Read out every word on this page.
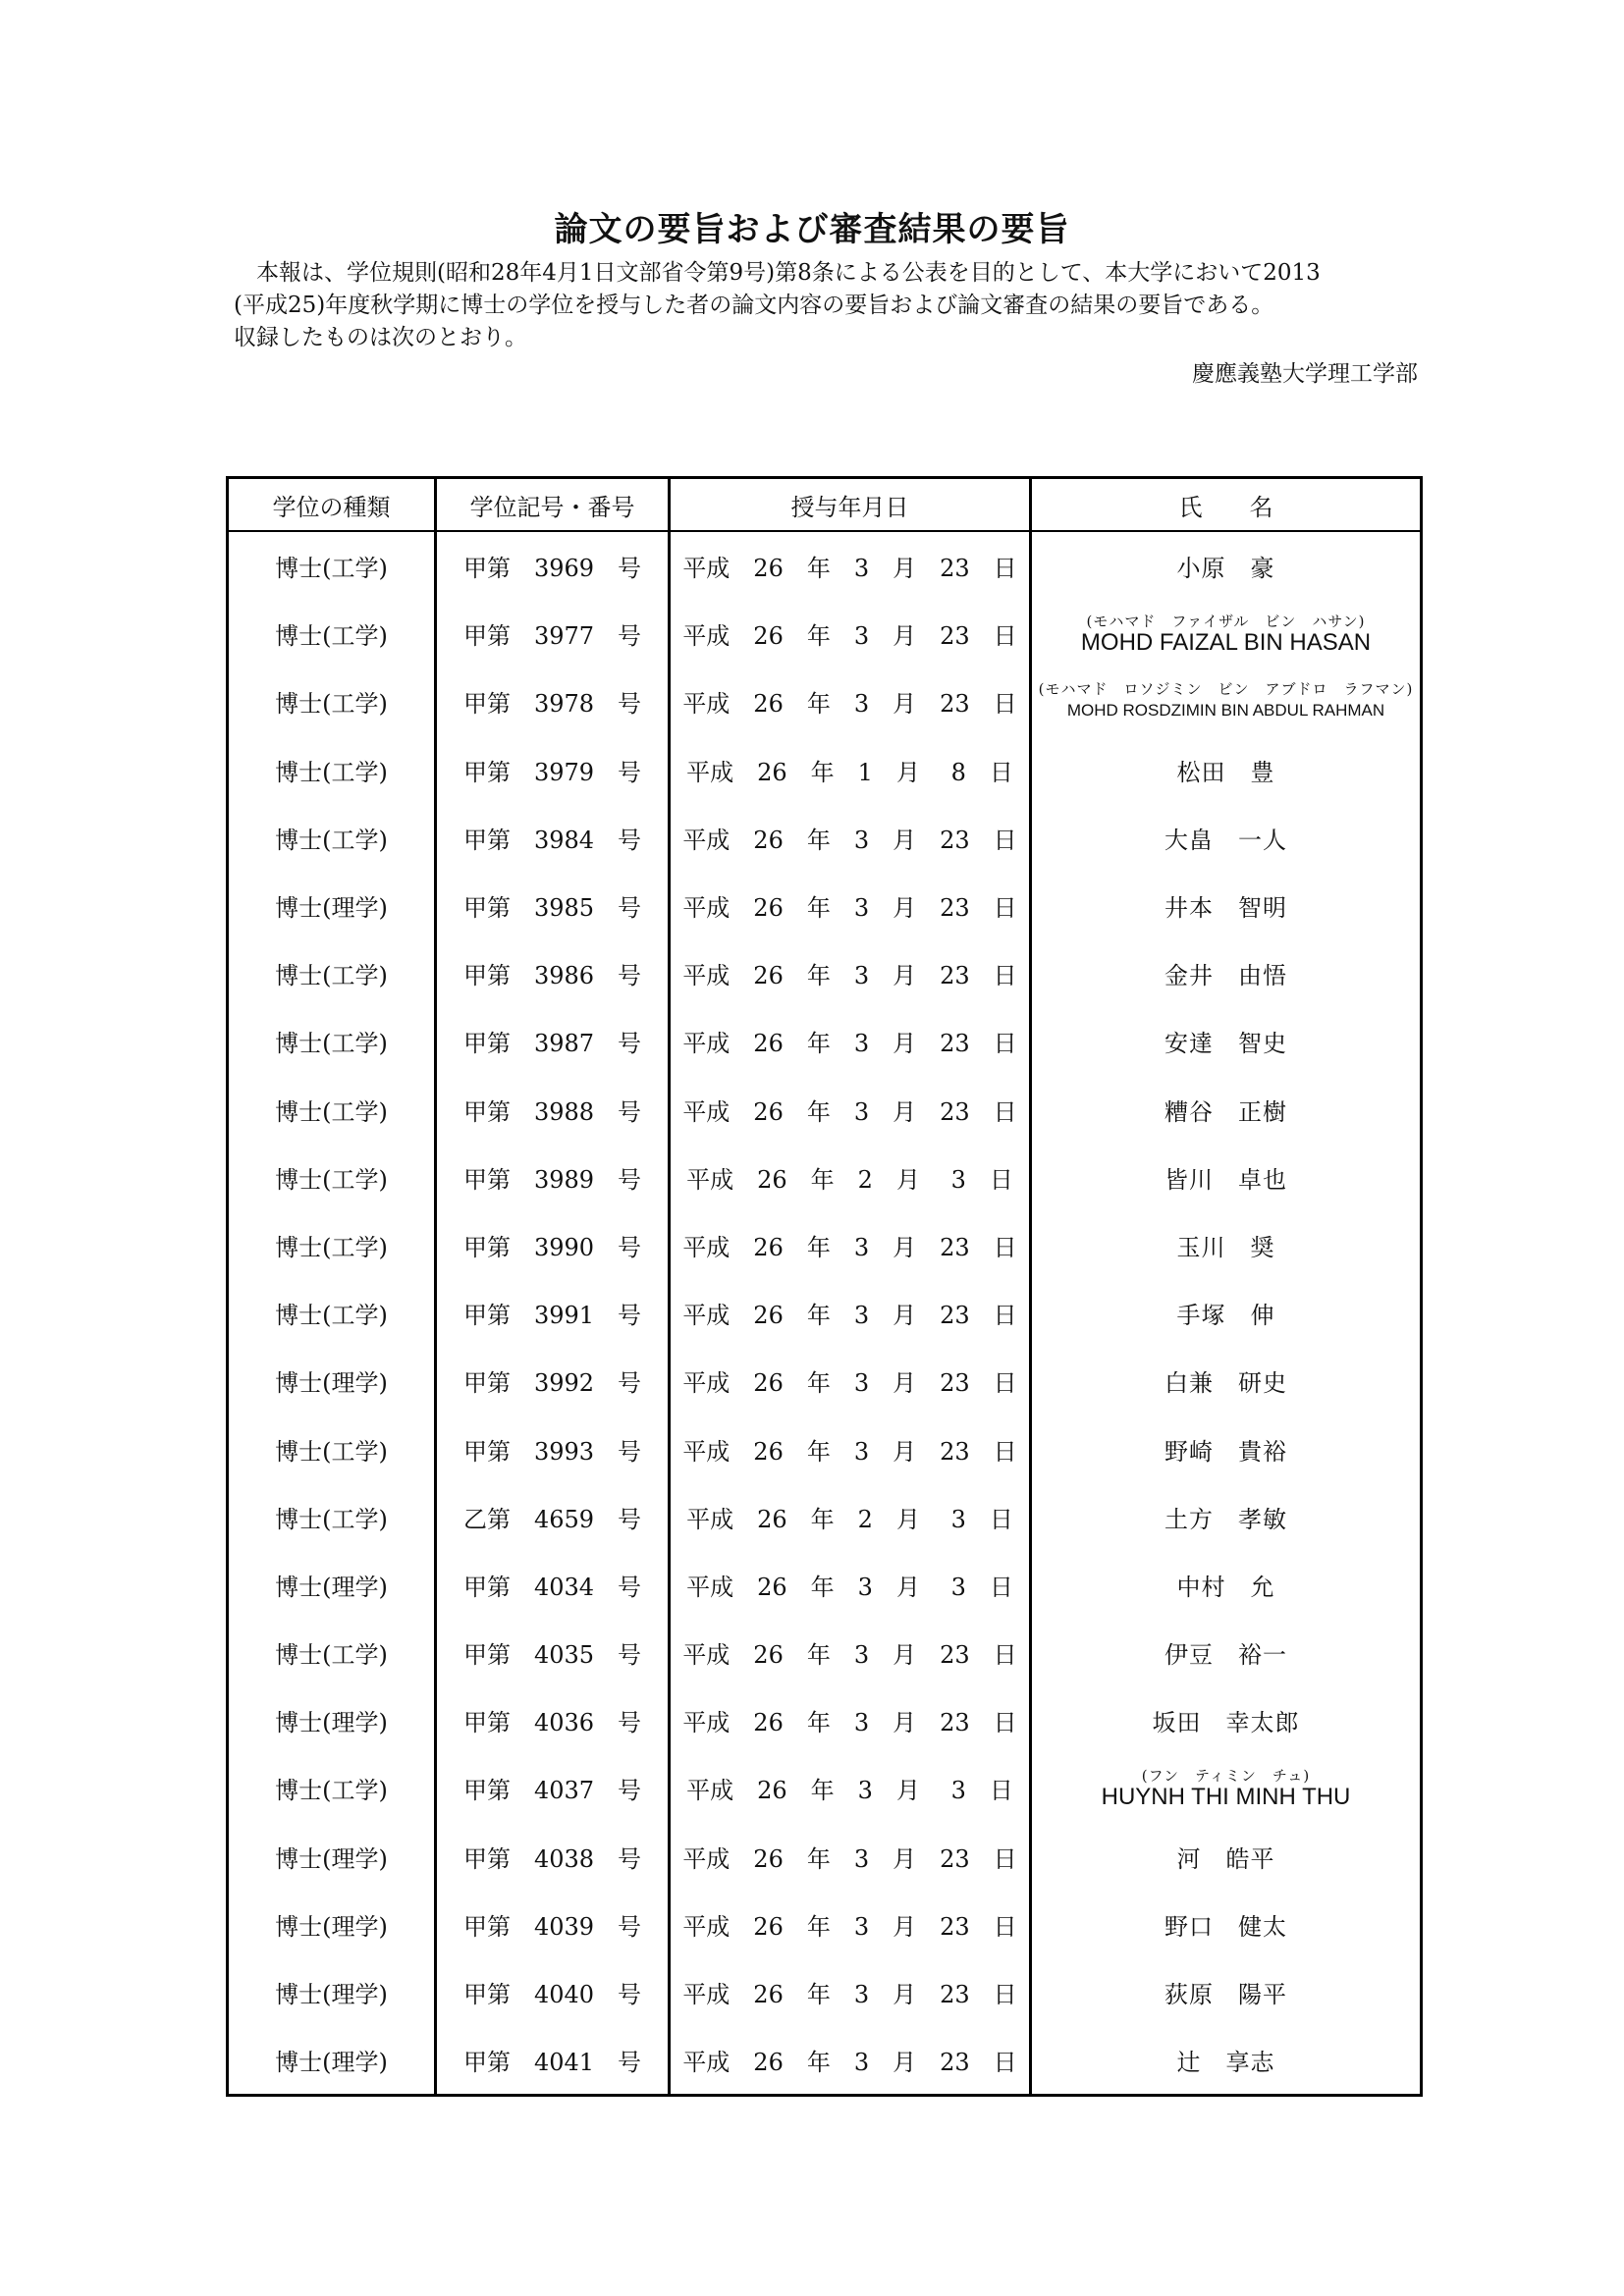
論文の要旨および審査結果の要旨

本報は、学位規則(昭和28年4月1日文部省令第9号)第8条による公表を目的として、本大学において2013

(平成25)年度秋学期に博士の学位を授与した者の論文内容の要旨および論文審査の結果の要旨である。

収録したものは次のとおり。

慶應義塾大学理工学部

学位の種類	学位記号・番号	授与年月日	氏　　名
博士(工学)	甲第　3969　号	平成　26　年　3　月　23　日	小原　豪
博士(工学)	甲第　3977　号	平成　26　年　3　月　23　日	(モハマド　ファイザル　ビン　ハサン)
MOHD FAIZAL BIN HASAN

博士(工学)	甲第　3978　号	平成　26　年　3　月　23　日	(モハマド　ロソジミン　ビン　アブドロ　ラフマン)
MOHD ROSDZIMIN BIN ABDUL RAHMAN

博士(工学)	甲第　3979　号	平成　26　年　1　月　 8　日	松田　豊
博士(工学)	甲第　3984　号	平成　26　年　3　月　23　日	大畠　一人
博士(理学)	甲第　3985　号	平成　26　年　3　月　23　日	井本　智明
博士(工学)	甲第　3986　号	平成　26　年　3　月　23　日	金井　由悟
博士(工学)	甲第　3987　号	平成　26　年　3　月　23　日	安達　智史
博士(工学)	甲第　3988　号	平成　26　年　3　月　23　日	糟谷　正樹
博士(工学)	甲第　3989　号	平成　26　年　2　月　 3　日	皆川　卓也
博士(工学)	甲第　3990　号	平成　26　年　3　月　23　日	玉川　奨
博士(工学)	甲第　3991　号	平成　26　年　3　月　23　日	手塚　伸
博士(理学)	甲第　3992　号	平成　26　年　3　月　23　日	白兼　研史
博士(工学)	甲第　3993　号	平成　26　年　3　月　23　日	野崎　貴裕
博士(工学)	乙第　4659　号	平成　26　年　2　月　 3　日	土方　孝敏
博士(理学)	甲第　4034　号	平成　26　年　3　月　 3　日	中村　允
博士(工学)	甲第　4035　号	平成　26　年　3　月　23　日	伊豆　裕一
博士(理学)	甲第　4036　号	平成　26　年　3　月　23　日	坂田　幸太郎
博士(工学)	甲第　4037　号	平成　26　年　3　月　 3　日	(フン　ティミン　チュ)
HUYNH THI MINH THU

博士(理学)	甲第　4038　号	平成　26　年　3　月　23　日	河　皓平
博士(理学)	甲第　4039　号	平成　26　年　3　月　23　日	野口　健太
博士(理学)	甲第　4040　号	平成　26　年　3　月　23　日	荻原　陽平
博士(理学)	甲第　4041　号	平成　26　年　3　月　23　日	辻　享志
